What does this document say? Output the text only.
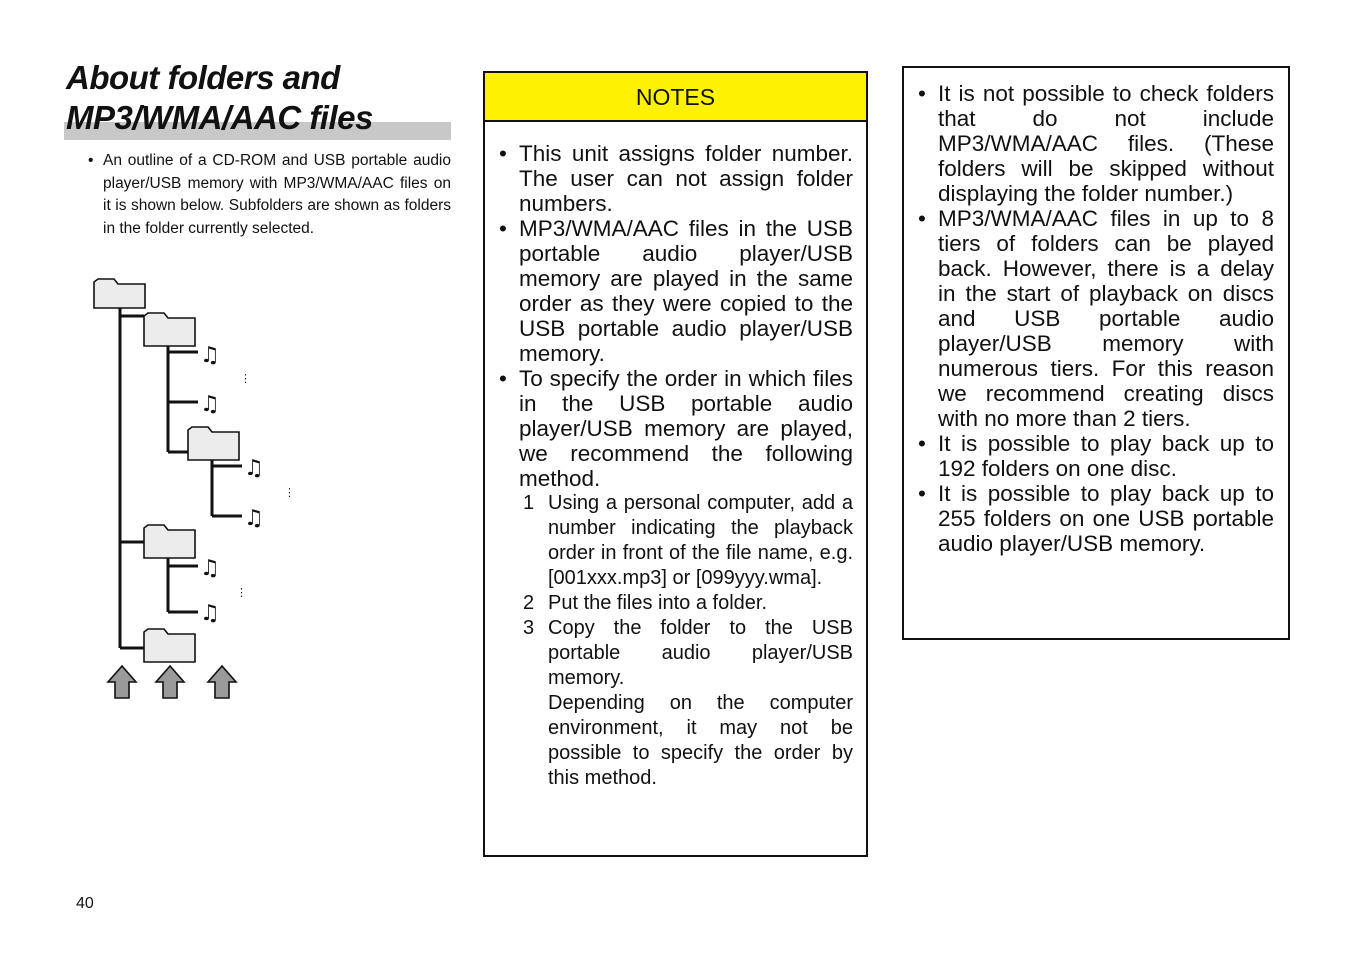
About folders and
MP3/WMA/AAC files
• An outline of a CD-ROM and USB portable audio player/USB memory with MP3/WMA/AAC files on it is shown below. Subfolders are shown as folders in the folder currently selected.
♫
♫
♫
♫
♫
♫
⋮
⋮
⋮
NOTES
• This unit assigns folder number. The user can not assign folder numbers.
• MP3/WMA/AAC files in the USB portable audio player/USB memory are played in the same order as they were copied to the USB portable audio player/USB memory.
• To specify the order in which files in the USB portable audio player/USB memory are played, we recommend the following method.
1 Using a personal computer, add a number indicating the playback order in front of the file name, e.g. [001xxx.mp3] or [099yyy.wma].
2 Put the files into a folder.
3 Copy the folder to the USB portable audio player/USB memory.
Depending on the computer environment, it may not be possible to specify the order by this method.
• It is not possible to check folders that do not include MP3/WMA/AAC files. (These folders will be skipped without displaying the folder number.)
• MP3/WMA/AAC files in up to 8 tiers of folders can be played back. However, there is a delay in the start of playback on discs and USB portable audio player/USB memory with numerous tiers. For this reason we recommend creating discs with no more than 2 tiers.
• It is possible to play back up to 192 folders on one disc.
• It is possible to play back up to 255 folders on one USB portable audio player/USB memory.
40
